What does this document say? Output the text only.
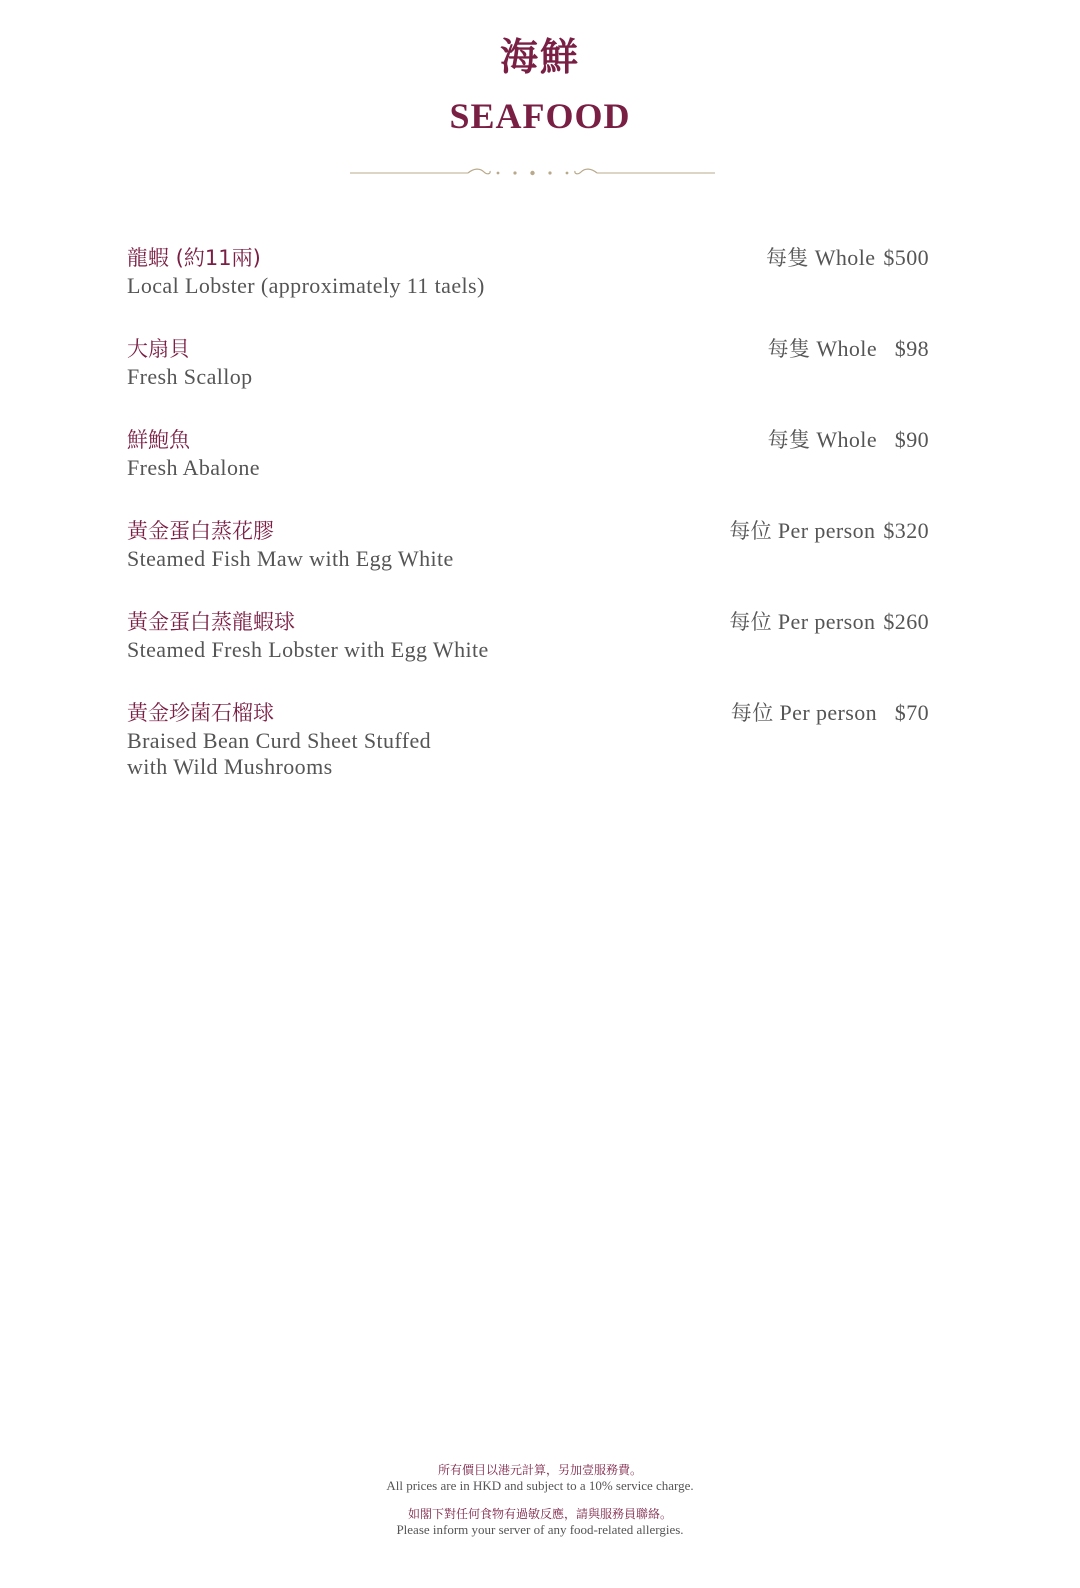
海鮮
SEAFOOD
龍蝦 (約11兩)
Local Lobster (approximately 11 taels)
每隻 Whole $500
大扇貝
Fresh Scallop
每隻 Whole $98
鮮鮑魚
Fresh Abalone
每隻 Whole $90
黃金蛋白蒸花膠
Steamed Fish Maw with Egg White
每位 Per person $320
黃金蛋白蒸龍蝦球
Steamed Fresh Lobster with Egg White
每位 Per person $260
黃金珍菌石榴球
Braised Bean Curd Sheet Stuffed
with Wild Mushrooms
每位 Per person $70
所有價目以港元計算，另加壹服務費。
All prices are in HKD and subject to a 10% service charge.
如閣下對任何食物有過敏反應，請與服務員聯絡。
Please inform your server of any food-related allergies.
